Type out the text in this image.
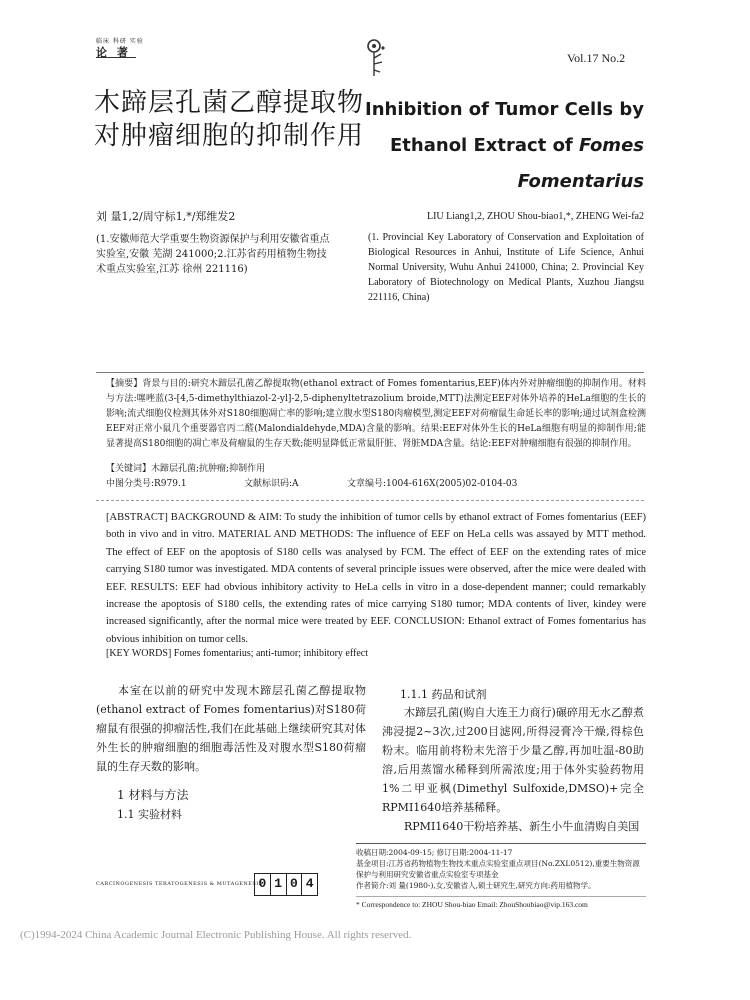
临床 科研 实验
论 著	Vol.17 No.2
木蹄层孔菌乙醇提取物对肿瘤细胞的抑制作用
Inhibition of Tumor Cells by
Ethanol Extract of Fomes
Fomentarius
刘 量1,2/周守标1,*/郑维发2
(1.安徽师范大学重要生物资源保护与利用安徽省重点实验室,安徽 芜湖 241000;2.江苏省药用植物生物技术重点实验室,江苏 徐州 221116)
LIU Liang1,2, ZHOU Shou-biao1,*, ZHENG Wei-fa2
(1. Provincial Key Laboratory of Conservation and Exploitation of Biological Resources in Anhui, Institute of Life Science, Anhui Normal University, Wuhu Anhui 241000, China; 2. Provincial Key Laboratory of Biotechnology on Medical Plants, Xuzhou Jiangsu 221116, China)
【摘要】背景与目的:研究木蹄层孔菌乙醇提取物(ethanol extract of Fomes fomentarius,EEF)体内外对肿瘤细胞的抑制作用。材料与方法:噻唑蓝(3-[4,5-dimethylthiazol-2-yl]-2,5-diphenyltetrazolium broide,MTT)法测定EEF对体外培养的HeLa细胞的生长的影响;流式细胞仪检测其体外对S180细胞凋亡率的影响;建立腹水型S180肉瘤模型,测定EEF对荷瘤鼠生命延长率的影响;通过试剂盒检测EEF对正常小鼠几个重要器官丙二醛(Malondialdehyde,MDA)含量的影响。结果:EEF对体外生长的HeLa细胞有明显的抑制作用;能显著提高S180细胞的凋亡率及荷瘤鼠的生存天数;能明显降低正常鼠肝脏、肾脏MDA含量。结论:EEF对肿瘤细胞有很强的抑制作用。
【关键词】木蹄层孔菌;抗肿瘤;抑制作用
中图分类号:R979.1	文献标识码:A	文章编号:1004-616X(2005)02-0104-03
[ABSTRACT] BACKGROUND & AIM: To study the inhibition of tumor cells by ethanol extract of Fomes fomentarius (EEF) both in vivo and in vitro. MATERIAL AND METHODS: The influence of EEF on HeLa cells was assayed by MTT method. The effect of EEF on the apoptosis of S180 cells was analysed by FCM. The effect of EEF on the extending rates of mice carrying S180 tumor was investigated. MDA contents of several principle issues were observed, after the mice were dealed with EEF. RESULTS: EEF had obvious inhibitory activity to HeLa cells in vitro in a dose-dependent manner; could remarkably increase the apoptosis of S180 cells, the extending rates of mice carrying S180 tumor; MDA contents of liver, kindey were increased significantly, after the normal mice were treated by EEF. CONCLUSION: Ethanol extract of Fomes fomentarius has obvious inhibition on tumor cells.
[KEY WORDS] Fomes fomentarius; anti-tumor; inhibitory effect
本室在以前的研究中发现木蹄层孔菌乙醇提取物(ethanol extract of Fomes fomentarius)对S180荷瘤鼠有很强的抑瘤活性,我们在此基础上继续研究其对体外生长的肿瘤细胞的细胞毒活性及对腹水型S180荷瘤鼠的生存天数的影响。
1 材料与方法
1.1 实验材料
1.1.1 药品和试剂
木蹄层孔菌(购自大连王力商行)碾碎用无水乙醇煮沸浸提2~3次,过200目滤网,所得浸膏冷干燥,得棕色粉末。临用前将粉末先溶于少量乙醇,再加吐温-80助溶,后用蒸馏水稀释到所需浓度;用于体外实验药物用1%二甲亚枫(Dimethyl Sulfoxide,DMSO)+完全RPMI1640培养基稀释。
RPMI1640干粉培养基、新生小牛血清购自美国
收稿日期:2004-09-15; 修订日期:2004-11-17
基金项目:江苏省药物植物生物技术重点实验室重点项目(No.ZXL0512),重要生物资源保护与利用研究安徽省重点实验室专项基金
作者简介:刘 量(1980-),女,安徽省人,硕士研究生,研究方向:药用植物学。
* Correspondence to: ZHOU Shou-biao Email: ZhouShoubiao@vip.163.com
CARCINOGENESIS TERATOGENESIS & MUTAGENESIS
0 1 0 4
(C)1994-2024 China Academic Journal Electronic Publishing House. All rights reserved.
